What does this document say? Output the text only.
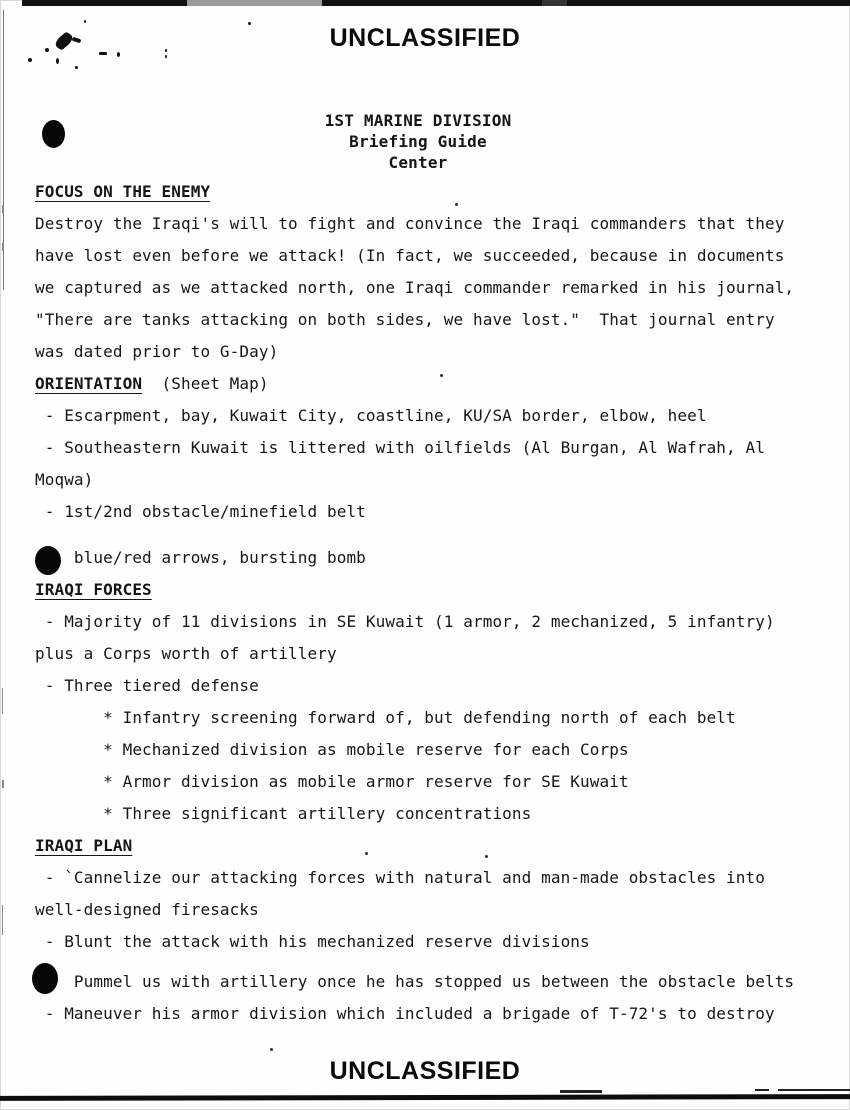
UNCLASSIFIED
1ST MARINE DIVISION
Briefing Guide
Center
FOCUS ON THE ENEMY
Destroy the Iraqi's will to fight and convince the Iraqi commanders that they
have lost even before we attack! (In fact, we succeeded, because in documents
we captured as we attacked north, one Iraqi commander remarked in his journal,
"There are tanks attacking on both sides, we have lost."  That journal entry
was dated prior to G-Day)
ORIENTATION  (Sheet Map)
- Escarpment, bay, Kuwait City, coastline, KU/SA border, elbow, heel
- Southeastern Kuwait is littered with oilfields (Al Burgan, Al Wafrah, Al
Moqwa)
- 1st/2nd obstacle/minefield belt
blue/red arrows, bursting bomb
IRAQI FORCES
- Majority of 11 divisions in SE Kuwait (1 armor, 2 mechanized, 5 infantry)
plus a Corps worth of artillery
- Three tiered defense
* Infantry screening forward of, but defending north of each belt
* Mechanized division as mobile reserve for each Corps
* Armor division as mobile armor reserve for SE Kuwait
* Three significant artillery concentrations
IRAQI PLAN
- `Cannelize our attacking forces with natural and man-made obstacles into
well-designed firesacks
- Blunt the attack with his mechanized reserve divisions
Pummel us with artillery once he has stopped us between the obstacle belts
- Maneuver his armor division which included a brigade of T-72's to destroy
UNCLASSIFIED
